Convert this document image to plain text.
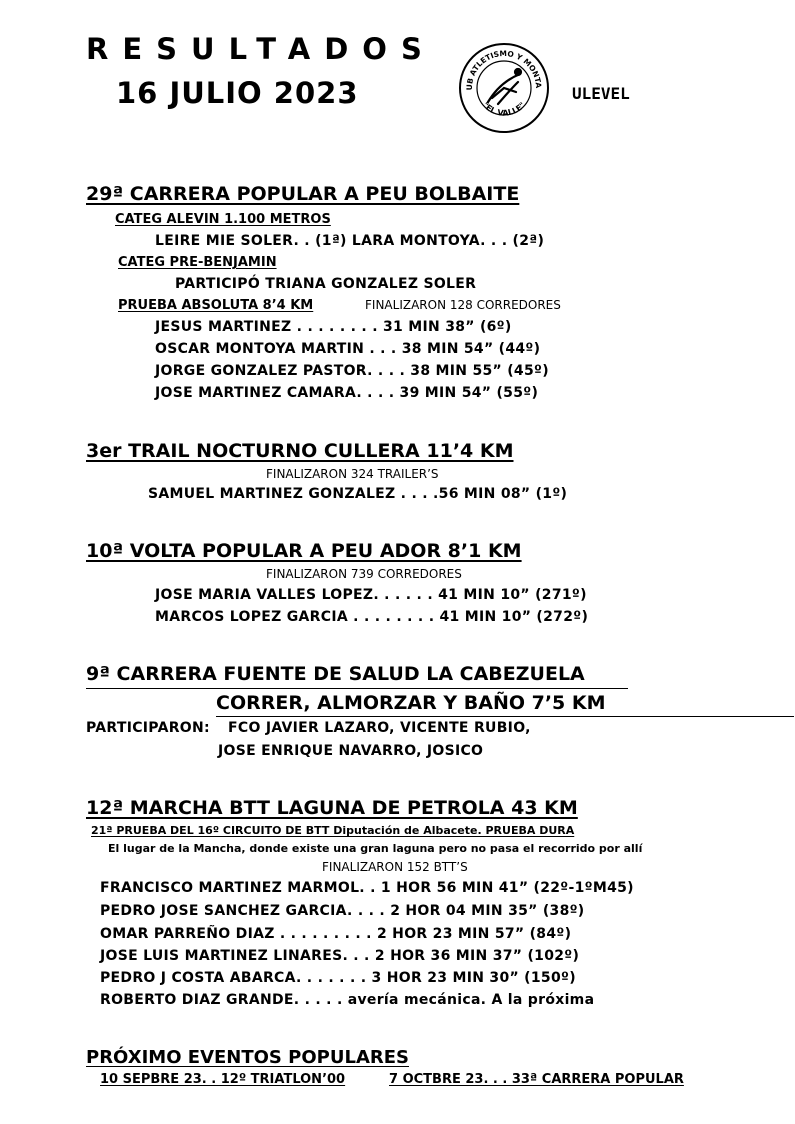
RESULTADOS
16 JULIO 2023	UB ATLETISMO Y MONTA
"EL VALLE"
ULEVEL
29ª CARRERA POPULAR A PEU BOLBAITE
CATEG ALEVIN 1.100 METROS
LEIRE MIE SOLER. . (1ª) LARA MONTOYA. . . (2ª)
CATEG PRE-BENJAMIN
PARTICIPÓ TRIANA GONZALEZ SOLER
PRUEBA ABSOLUTA 8’4 KM	FINALIZARON 128 CORREDORES
JESUS MARTINEZ . . . . . . . . 31 MIN 38” (6º)
OSCAR MONTOYA MARTIN . . . 38 MIN 54” (44º)
JORGE GONZALEZ PASTOR. . . . 38 MIN 55” (45º)
JOSE MARTINEZ CAMARA. . . . 39 MIN 54” (55º)
3er TRAIL NOCTURNO CULLERA 11’4 KM
FINALIZARON 324 TRAILER’S
SAMUEL MARTINEZ GONZALEZ . . . .56 MIN 08” (1º)
10ª VOLTA POPULAR A PEU ADOR 8’1 KM
FINALIZARON 739 CORREDORES
JOSE MARIA VALLES LOPEZ. . . . . . 41 MIN 10” (271º)
MARCOS LOPEZ GARCIA . . . . . . . . 41 MIN 10” (272º)
9ª CARRERA FUENTE DE SALUD LA CABEZUELA
CORRER, ALMORZAR Y BAÑO 7’5 KM
PARTICIPARON: FCO JAVIER LAZARO, VICENTE RUBIO,
JOSE ENRIQUE NAVARRO, JOSICO
12ª MARCHA BTT LAGUNA DE PETROLA 43 KM
21ª PRUEBA DEL 16º CIRCUITO DE BTT Diputación de Albacete. PRUEBA DURA
El lugar de la Mancha, donde existe una gran laguna pero no pasa el recorrido por allí
FINALIZARON 152 BTT’S
FRANCISCO MARTINEZ MARMOL. . 1 HOR 56 MIN 41” (22º-1ºM45)
PEDRO JOSE SANCHEZ GARCIA. . . . 2 HOR 04 MIN 35” (38º)
OMAR PARREÑO DIAZ . . . . . . . . . 2 HOR 23 MIN 57” (84º)
JOSE LUIS MARTINEZ LINARES. . . 2 HOR 36 MIN 37” (102º)
PEDRO J COSTA ABARCA. . . . . . . 3 HOR 23 MIN 30” (150º)
ROBERTO DIAZ GRANDE. . . . . avería mecánica. A la próxima
PRÓXIMO EVENTOS POPULARES
10 SEPBRE 23. . 12º TRIATLON’00	7 OCTBRE 23. . . 33ª CARRERA POPULAR
